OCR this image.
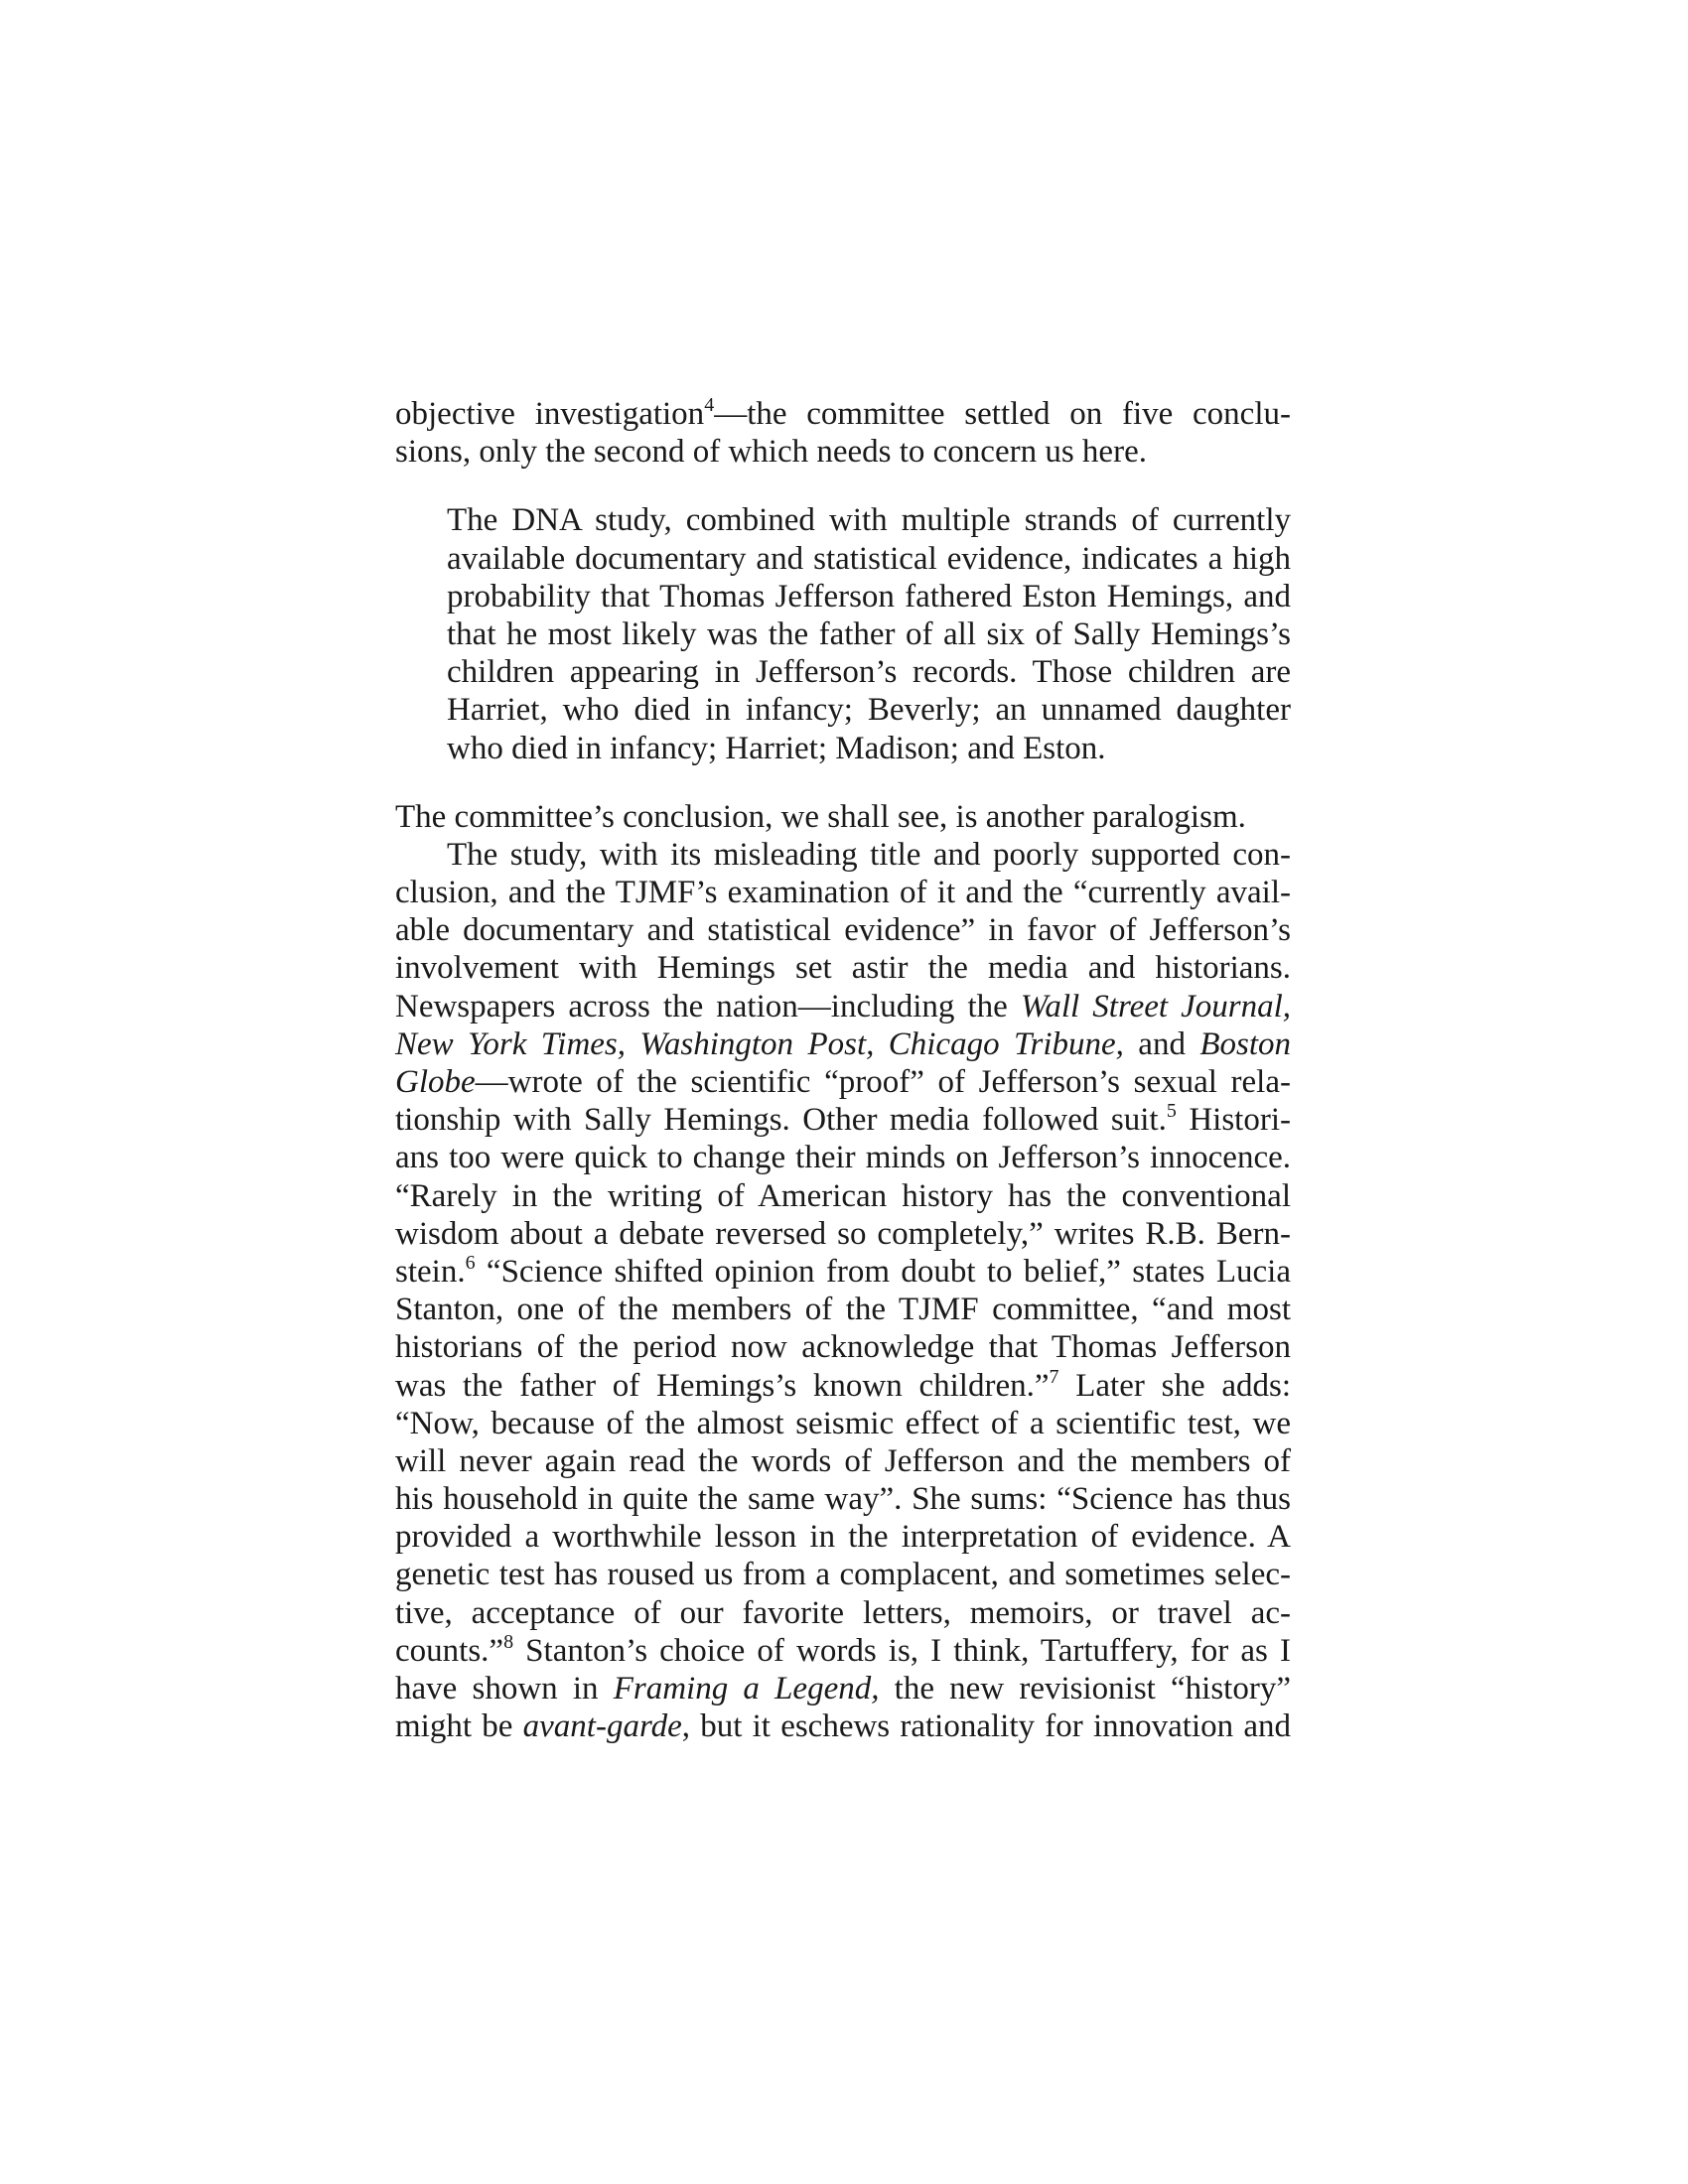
objective investigation$^4$—the committee settled on five conclu-
sions, only the second of which needs to concern us here.
The DNA study, combined with multiple strands of currently
available documentary and statistical evidence, indicates a high
probability that Thomas Jefferson fathered Eston Hemings, and
that he most likely was the father of all six of Sally Hemings’s
children appearing in Jefferson’s records. Those children are
Harriet, who died in infancy; Beverly; an unnamed daughter
who died in infancy; Harriet; Madison; and Eston.
The committee’s conclusion, we shall see, is another paralogism.
The study, with its misleading title and poorly supported con-
clusion, and the TJMF’s examination of it and the “currently avail-
able documentary and statistical evidence” in favor of Jefferson’s
involvement with Hemings set astir the media and historians.
Newspapers across the nation—including the Wall Street Journal,
New York Times, Washington Post, Chicago Tribune, and Boston
Globe—wrote of the scientific “proof” of Jefferson’s sexual rela-
tionship with Sally Hemings. Other media followed suit.$^5$ Histori-
ans too were quick to change their minds on Jefferson’s innocence.
“Rarely in the writing of American history has the conventional
wisdom about a debate reversed so completely,” writes R.B. Bern-
stein.$^6$ “Science shifted opinion from doubt to belief,” states Lucia
Stanton, one of the members of the TJMF committee, “and most
historians of the period now acknowledge that Thomas Jefferson
was the father of Hemings’s known children.”$^7$ Later she adds:
“Now, because of the almost seismic effect of a scientific test, we
will never again read the words of Jefferson and the members of
his household in quite the same way”. She sums: “Science has thus
provided a worthwhile lesson in the interpretation of evidence. A
genetic test has roused us from a complacent, and sometimes selec-
tive, acceptance of our favorite letters, memoirs, or travel ac-
counts.”$^8$ Stanton’s choice of words is, I think, Tartuffery, for as I
have shown in Framing a Legend, the new revisionist “history”
might be avant-garde, but it eschews rationality for innovation and
